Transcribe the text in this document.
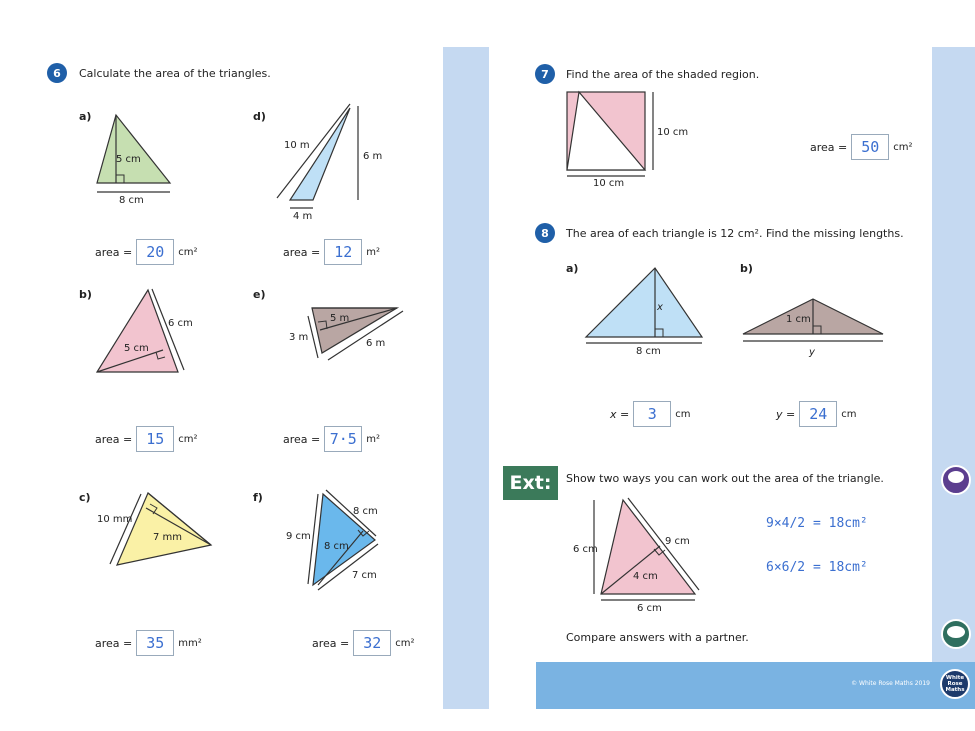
© White Rose Maths 2019
White Rose Maths
6	Calculate the area of the triangles.
a)	d)
b)	e)
c)	f)
5 cm
8 cm
10 m
6 m
4 m
6 cm
5 cm
5 m
3 m
6 m
10 mm
7 mm	9 cm
8 cm
8 cm
7 cm
area = 20	cm²	area = 12	m²
area = 15	cm²	area = 7·5 m²
area = 35	mm²	area = 32	cm²
7	Find the area of the shaded region.
8	The area of each triangle is 12 cm². Find the missing lengths.
a)	b)
Ext:	Show two ways you can work out the area of the triangle.
Compare answers with a partner.
10 cm
10 cm
x
8 cm
1 cm
y
6 cm
9 cm
4 cm
6 cm
area = 50	cm²
x =	3	cm	y = 24	cm
9×4/2 = 18cm²
6×6/2 = 18cm²
